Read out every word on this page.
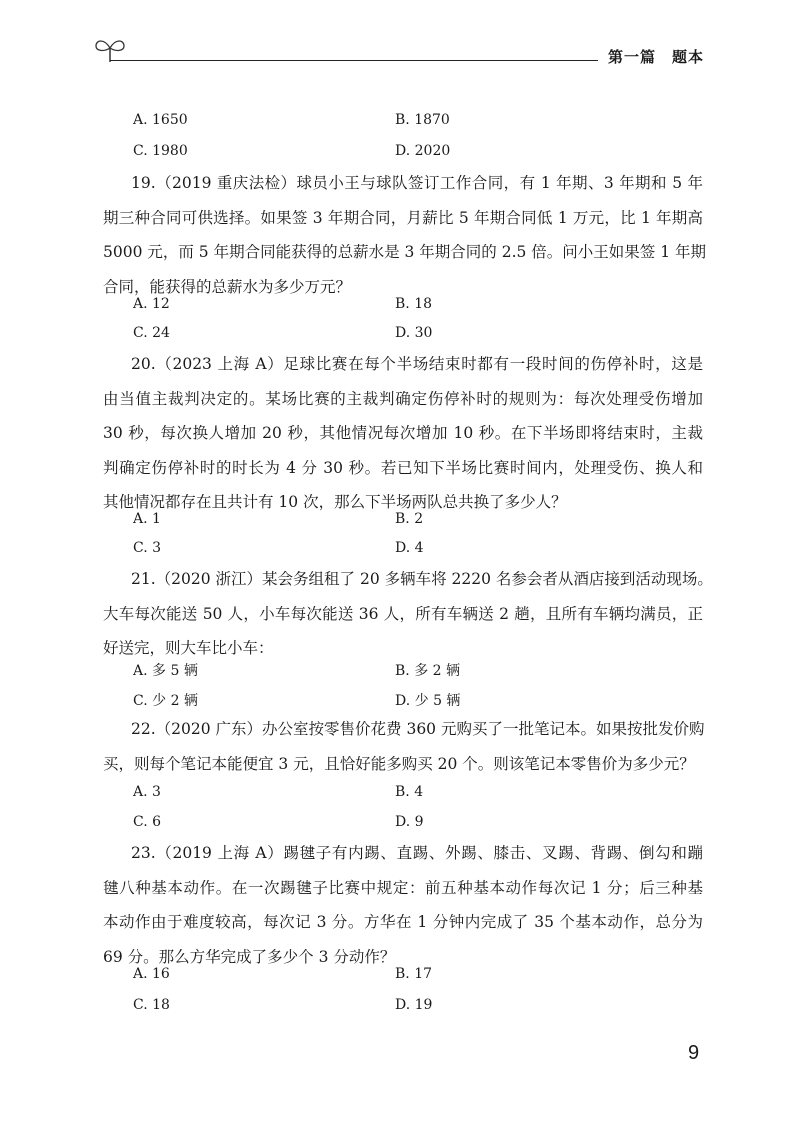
第一篇　题本
A. 1650	B. 1870
C. 1980	D. 2020
19.（2019 重庆法检）球员小王与球队签订工作合同，有 1 年期、3 年期和 5 年
期三种合同可供选择。如果签 3 年期合同，月薪比 5 年期合同低 1 万元，比 1 年期高
5000 元，而 5 年期合同能获得的总薪水是 3 年期合同的 2.5 倍。问小王如果签 1 年期
合同，能获得的总薪水为多少万元？
A. 12	B. 18
C. 24	D. 30
20.（2023 上海 A）足球比赛在每个半场结束时都有一段时间的伤停补时，这是
由当值主裁判决定的。某场比赛的主裁判确定伤停补时的规则为：每次处理受伤增加
30 秒，每次换人增加 20 秒，其他情况每次增加 10 秒。在下半场即将结束时，主裁
判确定伤停补时的时长为 4 分 30 秒。若已知下半场比赛时间内，处理受伤、换人和
其他情况都存在且共计有 10 次，那么下半场两队总共换了多少人？
A. 1	B. 2
C. 3	D. 4
21.（2020 浙江）某会务组租了 20 多辆车将 2220 名参会者从酒店接到活动现场。
大车每次能送 50 人，小车每次能送 36 人，所有车辆送 2 趟，且所有车辆均满员，正
好送完，则大车比小车：
A. 多 5 辆	B. 多 2 辆
C. 少 2 辆	D. 少 5 辆
22.（2020 广东）办公室按零售价花费 360 元购买了一批笔记本。如果按批发价购
买，则每个笔记本能便宜 3 元，且恰好能多购买 20 个。则该笔记本零售价为多少元？
A. 3	B. 4
C. 6	D. 9
23.（2019 上海 A）踢毽子有内踢、直踢、外踢、膝击、叉踢、背踢、倒勾和蹦
毽八种基本动作。在一次踢毽子比赛中规定：前五种基本动作每次记 1 分；后三种基
本动作由于难度较高，每次记 3 分。方华在 1 分钟内完成了 35 个基本动作，总分为
69 分。那么方华完成了多少个 3 分动作？
A. 16	B. 17
C. 18	D. 19
9
